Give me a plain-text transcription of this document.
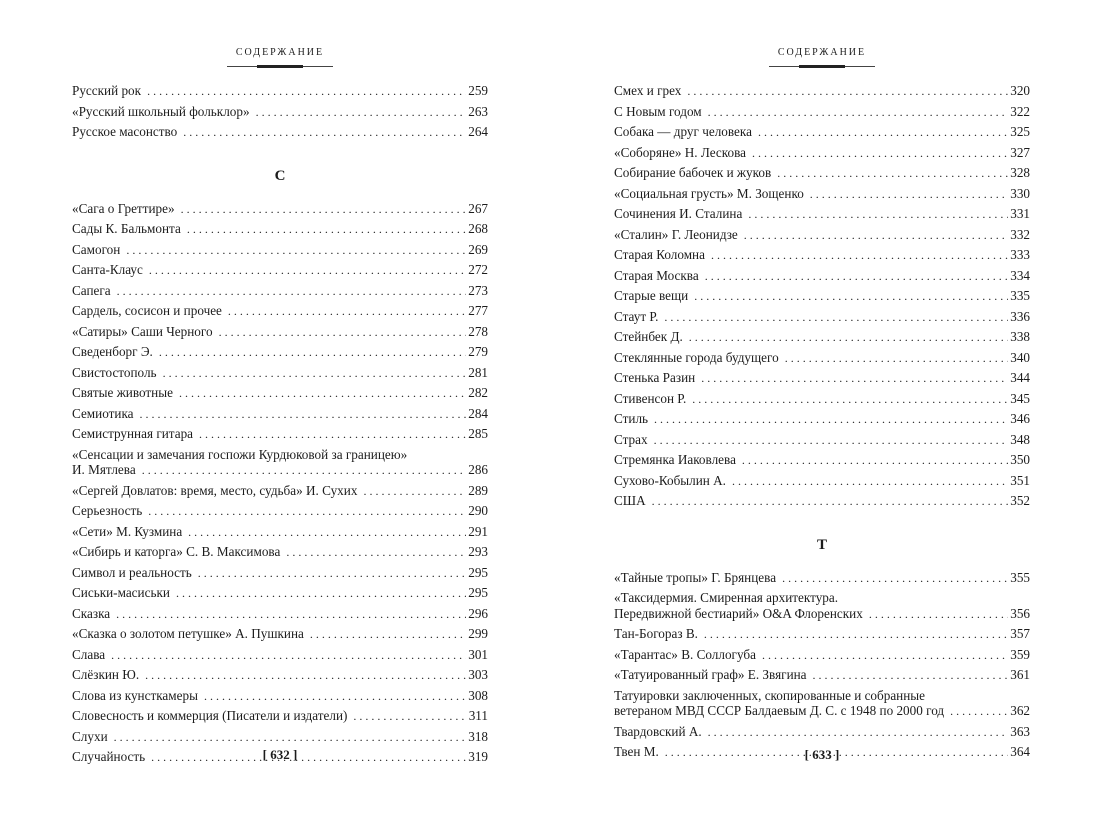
СОДЕРЖАНИЕ
Русский рок . . .	259
«Русский школьный фольклор» . . .	263
Русское масонство . . .	264
С
«Сага о Греттире» . . .	267
Сады К. Бальмонта . . .	268
Самогон . . .	269
Санта-Клаус . . .	272
Сапега . . .	273
Сардель, сосисон и прочее . . .	277
«Сатиры» Саши Черного . . .	278
Сведенборг Э. . . .	279
Свистостополь . . .	281
Святые животные . . .	282
Семиотика . . .	284
Семиструнная гитара . . .	285
«Сенсации и замечания госпожи Курдюковой за границею»
И. Мятлева . . .	286
«Сергей Довлатов: время, место, судьба» И. Сухих . . .	289
Серьезность . . .	290
«Сети» М. Кузмина . . .	291
«Сибирь и каторга» С. В. Максимова . . .	293
Символ и реальность . . .	295
Сиськи-масиськи . . .	295
Сказка . . .	296
«Сказка о золотом петушке» А. Пушкина . . .	299
Слава . . .	301
Слёзкин Ю. . . .	303
Слова из кунсткамеры . . .	308
Словесность и коммерция (Писатели и издатели) . . .	311
Слухи . . .	318
Случайность . . .	319
[ 632 ]
СОДЕРЖАНИЕ
Смех и грех . . .	320
С Новым годом . . .	322
Собака — друг человека . . .	325
«Соборяне» Н. Лескова . . .	327
Собирание бабочек и жуков . . .	328
«Социальная грусть» М. Зощенко . . .	330
Сочинения И. Сталина . . .	331
«Сталин» Г. Леонидзе . . .	332
Старая Коломна . . .	333
Старая Москва . . .	334
Старые вещи . . .	335
Стаут Р. . . .	336
Стейнбек Д. . . .	338
Стеклянные города будущего . . .	340
Стенька Разин . . .	344
Стивенсон Р. . . .	345
Стиль . . .	346
Страх . . .	348
Стремянка Иаковлева . . .	350
Сухово-Кобылин А. . . .	351
США . . .	352
Т
«Тайные тропы» Г. Брянцева . . .	355
«Таксидермия. Смиренная архитектура.
Передвижной бестиарий» O&A Флоренских . . .	356
Тан-Богораз В. . . .	357
«Тарантас» В. Соллогуба . . .	359
«Татуированный граф» Е. Звягина . . .	361
Татуировки заключенных, скопированные и собранные
ветераном МВД СССР Балдаевым Д. С. с 1948 по 2000 год . . .	362
Твардовский А. . . .	363
Твен М. . . .	364
[ 633 ]
